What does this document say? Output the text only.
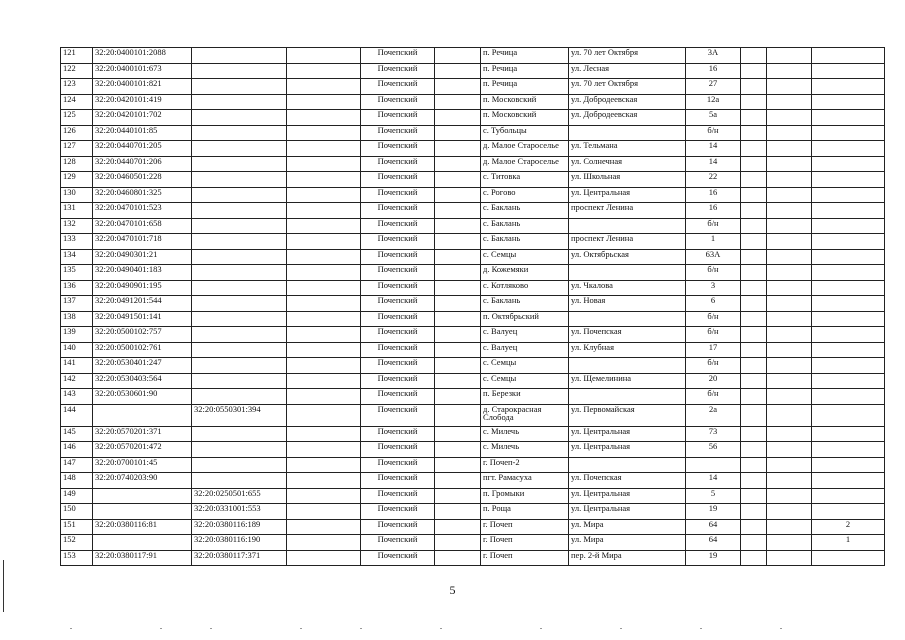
121	32:20:0400101:2088			Почепский		п. Речица	ул. 70 лет Октября	3А			
122	32:20:0400101:673			Почепский		п. Речица	ул. Лесная	16			
123	32:20:0400101:821			Почепский		п. Речица	ул. 70 лет Октября	27			
124	32:20:0420101:419			Почепский		п. Московский	ул. Добродеевская	12а			
125	32:20:0420101:702			Почепский		п. Московский	ул. Добродеевская	5а			
126	32:20:0440101:85			Почепский		с. Тубольцы		б/н			
127	32:20:0440701:205			Почепский		д. Малое Староселье	ул. Тельмана	14			
128	32:20:0440701:206			Почепский		д. Малое Староселье	ул. Солнечная	14			
129	32:20:0460501:228			Почепский		с. Титовка	ул. Школьная	22			
130	32:20:0460801:325			Почепский		с. Рогово	ул. Центральная	16			
131	32:20:0470101:523			Почепский		с. Баклань	проспект Ленина	16			
132	32:20:0470101:658			Почепский		с. Баклань		б/н			
133	32:20:0470101:718			Почепский		с. Баклань	проспект Ленина	1			
134	32:20:0490301:21			Почепский		с. Семцы	ул. Октябрьская	63А			
135	32:20:0490401:183			Почепский		д. Кожемяки		б/н			
136	32:20:0490901:195			Почепский		с. Котляково	ул. Чкалова	3			
137	32:20:0491201:544			Почепский		с. Баклань	ул. Новая	6			
138	32:20:0491501:141			Почепский		п. Октябрьский		б/н			
139	32:20:0500102:757			Почепский		с. Валуец	ул. Почепская	б/н			
140	32:20:0500102:761			Почепский		с. Валуец	ул. Клубная	17			
141	32:20:0530401:247			Почепский		с. Семцы		б/н			
142	32:20:0530403:564			Почепский		с. Семцы	ул. Щемелинина	20			
143	32:20:0530601:90			Почепский		п. Березки		б/н			
144		32:20:0550301:394		Почепский		д. Старокрасная Слобода	ул. Первомайская	2а			
145	32:20:0570201:371			Почепский		с. Милечь	ул. Центральная	73			
146	32:20:0570201:472			Почепский		с. Милечь	ул. Центральная	56			
147	32:20:0700101:45			Почепский		г. Почеп-2					
148	32:20:0740203:90			Почепский		пгт. Рамасуха	ул. Почепская	14			
149		32:20:0250501:655		Почепский		п. Громыки	ул. Центральная	5			
150		32:20:0331001:553		Почепский		п. Роща	ул. Центральная	19			
151	32:20:0380116:81	32:20:0380116:189		Почепский		г. Почеп	ул. Мира	64			2
152		32:20:0380116:190		Почепский		г. Почеп	ул. Мира	64			1
153	32:20:0380117:91	32:20:0380117:371		Почепский		г. Почеп	пер. 2-й Мира	19			
5
